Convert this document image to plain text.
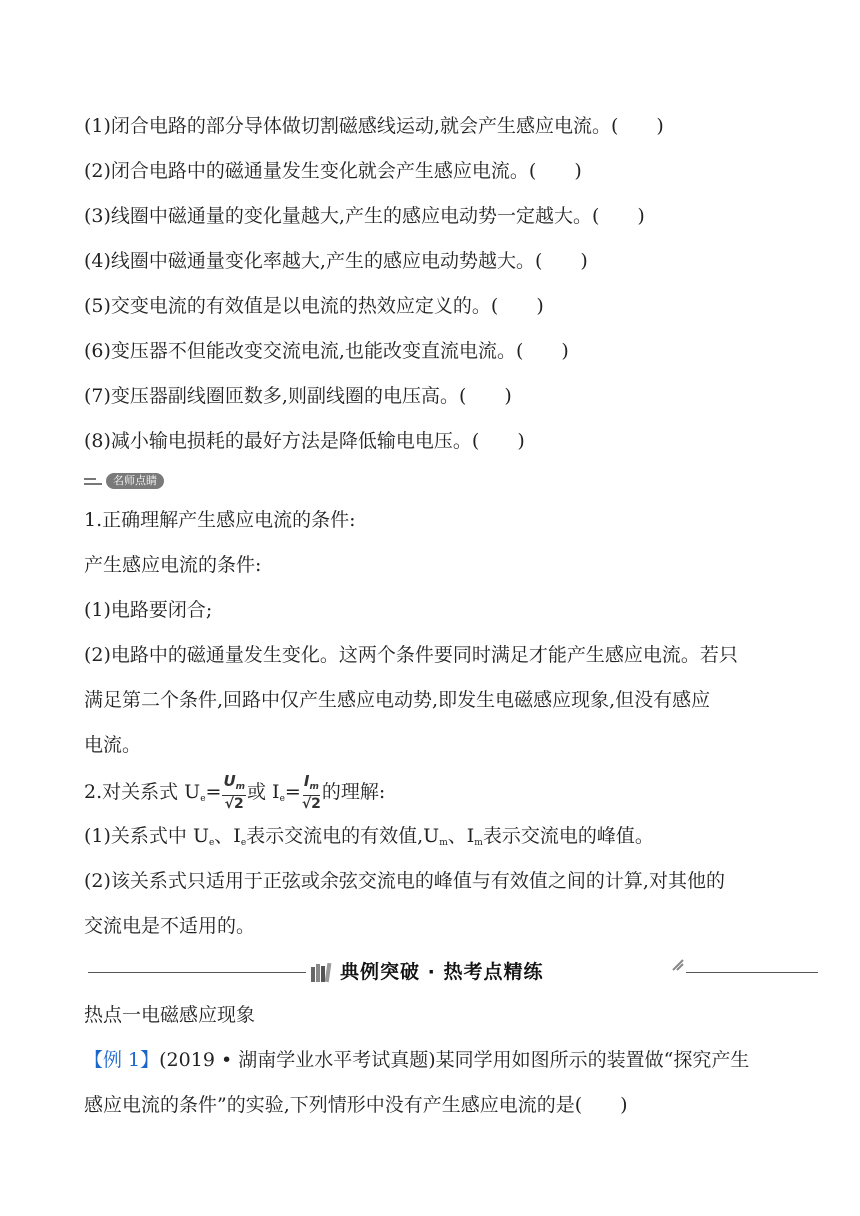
(1)闭合电路的部分导体做切割磁感线运动,就会产生感应电流。(　　)
(2)闭合电路中的磁通量发生变化就会产生感应电流。(　　)
(3)线圈中磁通量的变化量越大,产生的感应电动势一定越大。(　　)
(4)线圈中磁通量变化率越大,产生的感应电动势越大。(　　)
(5)交变电流的有效值是以电流的热效应定义的。(　　)
(6)变压器不但能改变交流电流,也能改变直流电流。(　　)
(7)变压器副线圈匝数多,则副线圈的电压高。(　　)
(8)减小输电损耗的最好方法是降低输电电压。(　　)
名师点睛
1.正确理解产生感应电流的条件:
产生感应电流的条件:
(1)电路要闭合;
(2)电路中的磁通量发生变化。这两个条件要同时满足才能产生感应电流。若只
满足第二个条件,回路中仅产生感应电动势,即发生电磁感应现象,但没有感应
电流。
2.对关系式 $U_e= \frac{U_m}{√2}$ 或 $I_e= \frac{I_m}{√2}$ 的理解:
(1)关系式中 $U_e$、$I_e$表示交流电的有效值$,U_m$、$I_m$表示交流电的峰值。
(2)该关系式只适用于正弦或余弦交流电的峰值与有效值之间的计算,对其他的
交流电是不适用的。
典例突破 · 热考点精练
热点一电磁感应现象
【例 1】(2019 • 湖南学业水平考试真题)某同学用如图所示的装置做“探究产生
感应电流的条件”的实验,下列情形中没有产生感应电流的是(　　)
